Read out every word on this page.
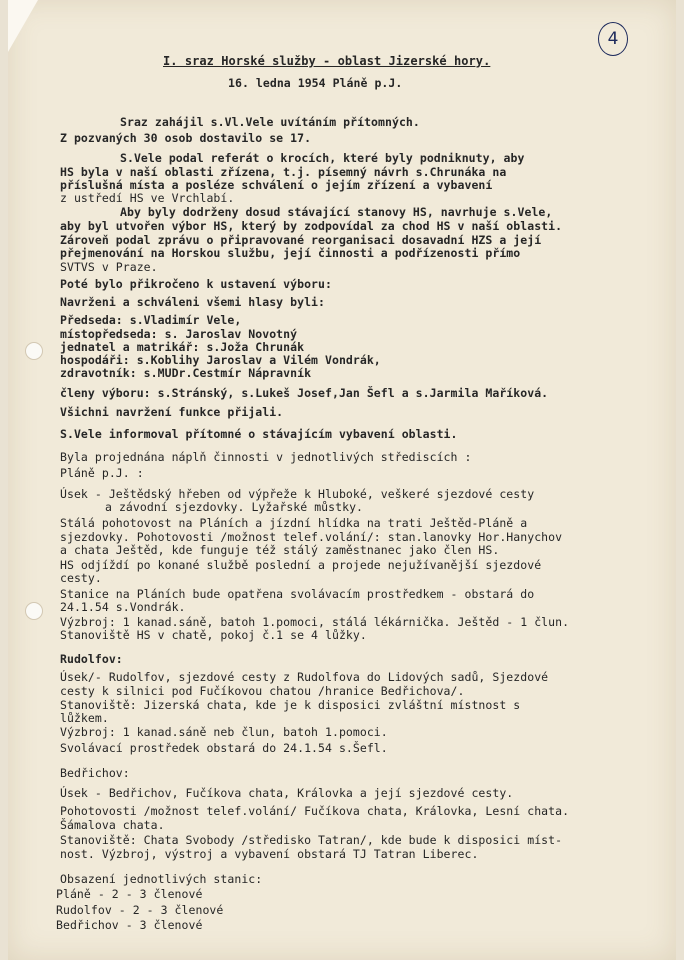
4
I. sraz Horské služby - oblast Jizerské hory.
16. ledna 1954 Pláně p.J.
Sraz zahájil s.Vl.Vele uvítáním přítomných.
Z pozvaných 30 osob dostavilo se 17.
S.Vele podal referát o krocích, které byly podniknuty, aby
HS byla v naší oblasti zřízena, t.j. písemný návrh s.Chrunáka na
příslušná místa a posléze schválení o jejím zřízení a vybavení
z ustředí HS ve Vrchlabí.
Aby byly dodrženy dosud stávající stanovy HS, navrhuje s.Vele,
aby byl utvořen výbor HS, který by zodpovídal za chod HS v naší oblasti.
Zároveň podal zprávu o připravované reorganisaci dosavadní HZS a její
přejmenování na Horskou službu, její činnosti a podřízenosti přímo
SVTVS v Praze.
Poté bylo přikročeno k ustavení výboru:
Navrženi a schváleni všemi hlasy byli:
Předseda: s.Vladimír Vele,
místopředseda: s. Jaroslav Novotný
jednatel a matrikář: s.Joža Chrunák
hospodáři: s.Koblihy Jaroslav a Vilém Vondrák,
zdravotník: s.MUDr.Cestmír Nápravník
členy výboru: s.Stránský, s.Lukeš Josef,Jan Šefl a s.Jarmila Maříková.
Všichni navržení funkce přijali.
S.Vele informoval přítomné o stávajícím vybavení oblasti.
Byla projednána náplň činnosti v jednotlivých střediscích :
Pláně p.J. :
Úsek - Ještědský hřeben od výpřeže k Hluboké, veškeré sjezdové cesty
a závodní sjezdovky. Lyžařské můstky.
Stálá pohotovost na Pláních a jízdní hlídka na trati Ještěd-Pláně a
sjezdovky. Pohotovosti /možnost telef.volání/: stan.lanovky Hor.Hanychov
a chata Ještěd, kde funguje též stálý zaměstnanec jako člen HS.
HS odjíždí po konané službě poslední a projede nejužívanější sjezdové
cesty.
Stanice na Pláních bude opatřena svolávacím prostředkem - obstará do
24.1.54 s.Vondrák.
Výzbroj: 1 kanad.sáně, batoh 1.pomoci, stálá lékárnička. Ještěd - 1 člun.
Stanoviště HS v chatě, pokoj č.1 se 4 lůžky.
Rudolfov:
Úsek/- Rudolfov, sjezdové cesty z Rudolfova do Lidových sadů, Sjezdové
cesty k silnici pod Fučíkovou chatou /hranice Bedřichova/.
Stanoviště: Jizerská chata, kde je k disposici zvláštní místnost s
lůžkem.
Výzbroj: 1 kanad.sáně neb člun, batoh 1.pomoci.
Svolávací prostředek obstará do 24.1.54 s.Šefl.
Bedřichov:
Úsek - Bedřichov, Fučíkova chata, Královka a její sjezdové cesty.
Pohotovosti /možnost telef.volání/ Fučíkova chata, Královka, Lesní chata.
Šámalova chata.
Stanoviště: Chata Svobody /středisko Tatran/, kde bude k disposici míst-
nost. Výzbroj, výstroj a vybavení obstará TJ Tatran Liberec.
Obsazení jednotlivých stanic:
Pláně - 2 - 3 členové
Rudolfov - 2 - 3 členové
Bedřichov - 3 členové
